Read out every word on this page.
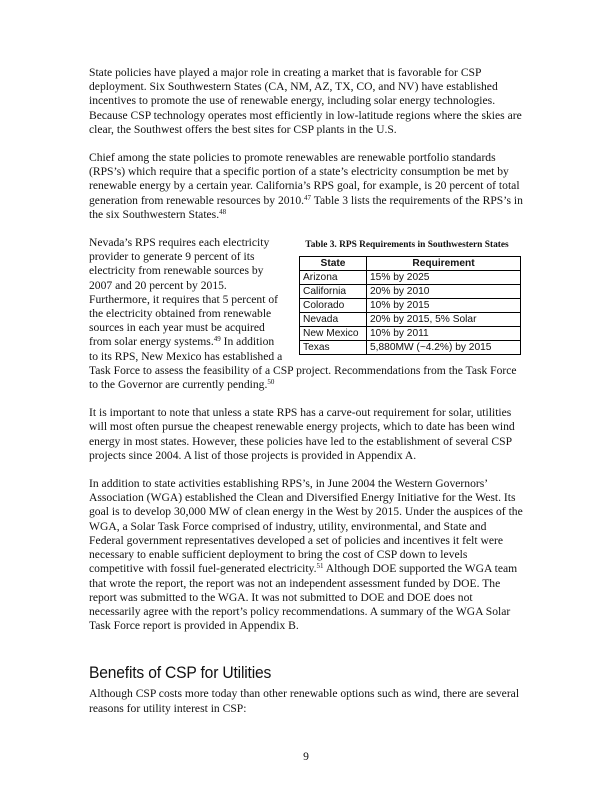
State policies have played a major role in creating a market that is favorable for CSP deployment. Six Southwestern States (CA, NM, AZ, TX, CO, and NV) have established incentives to promote the use of renewable energy, including solar energy technologies. Because CSP technology operates most efficiently in low-latitude regions where the skies are clear, the Southwest offers the best sites for CSP plants in the U.S.

Chief among the state policies to promote renewables are renewable portfolio standards (RPS’s) which require that a specific portion of a state’s electricity consumption be met by renewable energy by a certain year. California’s RPS goal, for example, is 20 percent of total generation from renewable resources by 2010.47 Table 3 lists the requirements of the RPS’s in the six Southwestern States.$^{48}$

Table 3. RPS Requirements in Southwestern States
State	Requirement
Arizona	15% by 2025
California	20% by 2010
Colorado	10% by 2015
Nevada	20% by 2015, 5% Solar
New Mexico	10% by 2011
Texas	5,880MW (~4.2%) by 2015

Nevada’s RPS requires each electricity provider to generate 9 percent of its electricity from renewable sources by 2007 and 20 percent by 2015. Furthermore, it requires that 5 percent of the electricity obtained from renewable sources in each year must be acquired from solar energy systems.$^{49}$ In addition to its RPS, New Mexico has established a Task Force to assess the feasibility of a CSP project. Recommendations from the Task Force to the Governor are currently pending.$^{50}$

It is important to note that unless a state RPS has a carve-out requirement for solar, utilities will most often pursue the cheapest renewable energy projects, which to date has been wind energy in most states. However, these policies have led to the establishment of several CSP projects since 2004. A list of those projects is provided in Appendix A.

In addition to state activities establishing RPS’s, in June 2004 the Western Governors’ Association (WGA) established the Clean and Diversified Energy Initiative for the West. Its goal is to develop 30,000 MW of clean energy in the West by 2015. Under the auspices of the WGA, a Solar Task Force comprised of industry, utility, environmental, and State and Federal government representatives developed a set of policies and incentives it felt were necessary to enable sufficient deployment to bring the cost of CSP down to levels competitive with fossil fuel-generated electricity.$^{51}$ Although DOE supported the WGA team that wrote the report, the report was not an independent assessment funded by DOE. The report was submitted to the WGA. It was not submitted to DOE and DOE does not necessarily agree with the report’s policy recommendations. A summary of the WGA Solar Task Force report is provided in Appendix B.

Benefits of CSP for Utilities

Although CSP costs more today than other renewable options such as wind, there are several reasons for utility interest in CSP:

9
